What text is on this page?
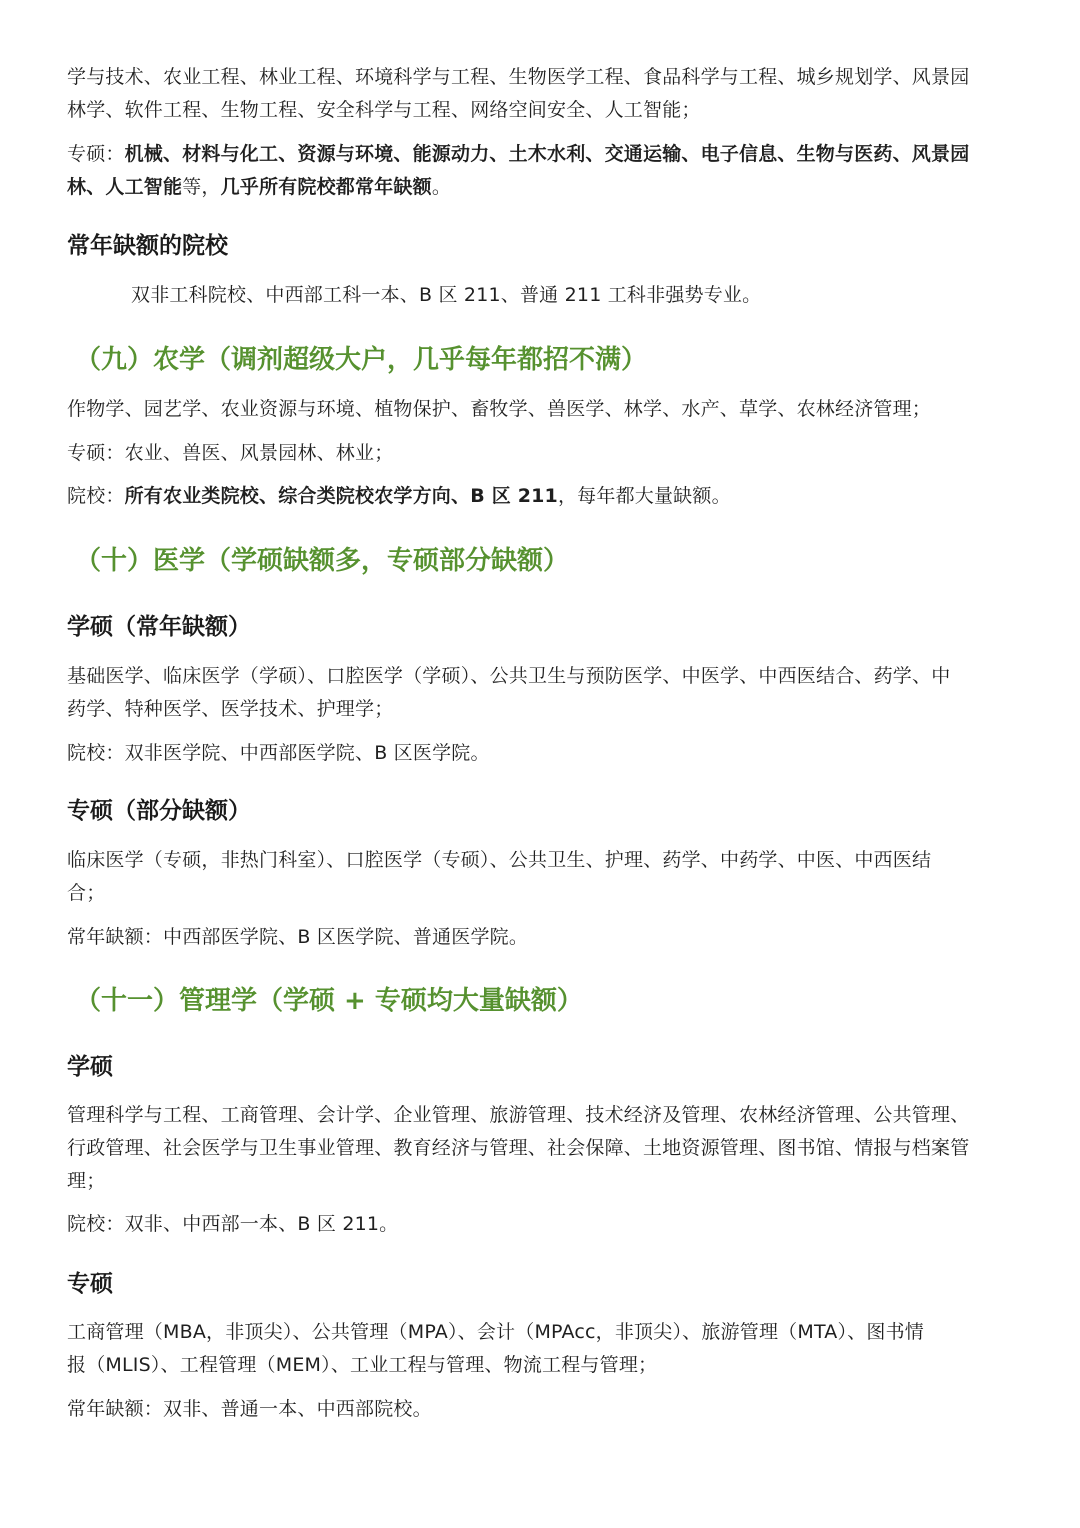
学与技术、农业工程、林业工程、环境科学与工程、生物医学工程、食品科学与工程、城乡规划学、风景园

林学、软件工程、生物工程、安全科学与工程、网络空间安全、人工智能；

专硕：机械、材料与化工、资源与环境、能源动力、土木水利、交通运输、电子信息、生物与医药、风景园

林、人工智能等，几乎所有院校都常年缺额。

常年缺额的院校

双非工科院校、中西部工科一本、B 区 211、普通 211 工科非强势专业。

（九）农学（调剂超级大户，几乎每年都招不满）

作物学、园艺学、农业资源与环境、植物保护、畜牧学、兽医学、林学、水产、草学、农林经济管理；

专硕：农业、兽医、风景园林、林业；

院校：所有农业类院校、综合类院校农学方向、B 区 211，每年都大量缺额。

（十）医学（学硕缺额多，专硕部分缺额）
学硕（常年缺额）

基础医学、临床医学（学硕）、口腔医学（学硕）、公共卫生与预防医学、中医学、中西医结合、药学、中

药学、特种医学、医学技术、护理学；

院校：双非医学院、中西部医学院、B 区医学院。

专硕（部分缺额）

临床医学（专硕，非热门科室）、口腔医学（专硕）、公共卫生、护理、药学、中药学、中医、中西医结

合；

常年缺额：中西部医学院、B 区医学院、普通医学院。

（十一）管理学（学硕 + 专硕均大量缺额）
学硕

管理科学与工程、工商管理、会计学、企业管理、旅游管理、技术经济及管理、农林经济管理、公共管理、

行政管理、社会医学与卫生事业管理、教育经济与管理、社会保障、土地资源管理、图书馆、情报与档案管

理；

院校：双非、中西部一本、B 区 211。

专硕

工商管理（MBA，非顶尖）、公共管理（MPA）、会计（MPAcc，非顶尖）、旅游管理（MTA）、图书情

报（MLIS）、工程管理（MEM）、工业工程与管理、物流工程与管理；

常年缺额：双非、普通一本、中西部院校。
